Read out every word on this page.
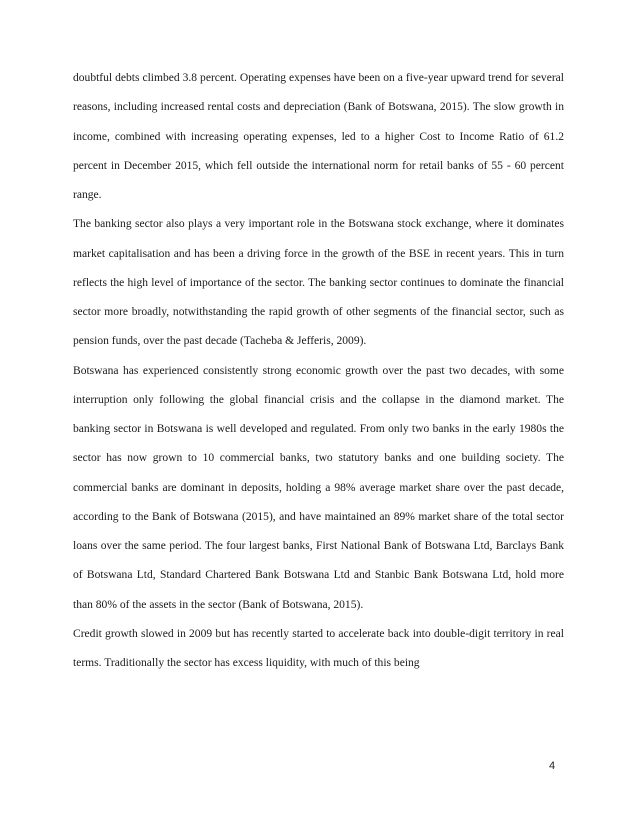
doubtful debts climbed 3.8 percent. Operating expenses have been on a five-year upward trend for several reasons, including increased rental costs and depreciation (Bank of Botswana, 2015). The slow growth in income, combined with increasing operating expenses, led to a higher Cost to Income Ratio of 61.2 percent in December 2015, which fell outside the international norm for retail banks of 55 - 60 percent range.

The banking sector also plays a very important role in the Botswana stock exchange, where it dominates market capitalisation and has been a driving force in the growth of the BSE in recent years. This in turn reflects the high level of importance of the sector. The banking sector continues to dominate the financial sector more broadly, notwithstanding the rapid growth of other segments of the financial sector, such as pension funds, over the past decade (Tacheba & Jefferis, 2009).

Botswana has experienced consistently strong economic growth over the past two decades, with some interruption only following the global financial crisis and the collapse in the diamond market. The banking sector in Botswana is well developed and regulated. From only two banks in the early 1980s the sector has now grown to 10 commercial banks, two statutory banks and one building society. The commercial banks are dominant in deposits, holding a 98% average market share over the past decade, according to the Bank of Botswana (2015), and have maintained an 89% market share of the total sector loans over the same period. The four largest banks, First National Bank of Botswana Ltd, Barclays Bank of Botswana Ltd, Standard Chartered Bank Botswana Ltd and Stanbic Bank Botswana Ltd, hold more than 80% of the assets in the sector (Bank of Botswana, 2015).

Credit growth slowed in 2009 but has recently started to accelerate back into double-digit territory in real terms. Traditionally the sector has excess liquidity, with much of this being

4
